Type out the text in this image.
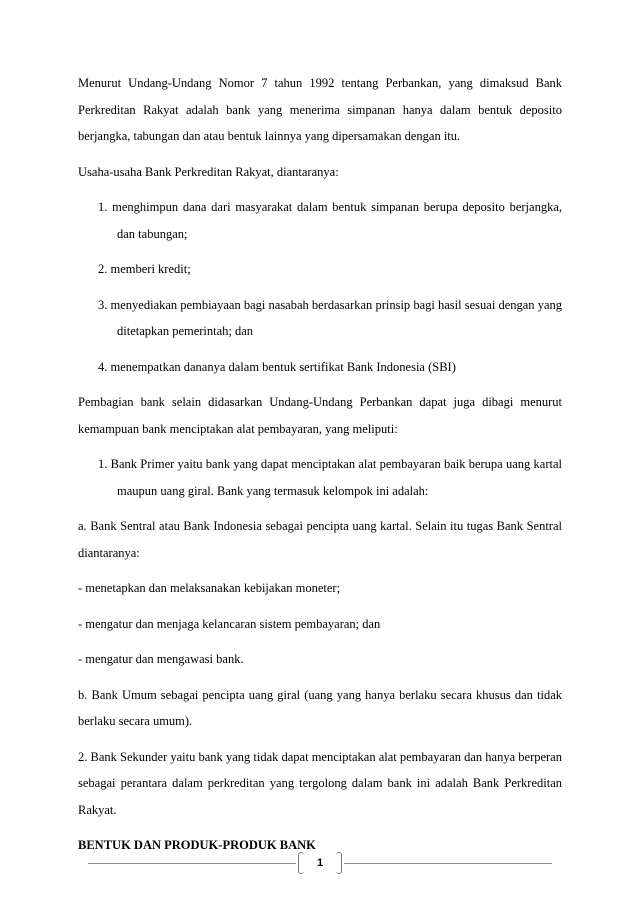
Menurut Undang-Undang Nomor 7 tahun 1992 tentang Perbankan, yang dimaksud Bank Perkreditan Rakyat adalah bank yang menerima simpanan hanya dalam bentuk deposito berjangka, tabungan dan atau bentuk lainnya yang dipersamakan dengan itu.

Usaha-usaha Bank Perkreditan Rakyat, diantaranya:

1. menghimpun dana dari masyarakat dalam bentuk simpanan berupa deposito berjangka, dan tabungan;

2. memberi kredit;

3. menyediakan pembiayaan bagi nasabah berdasarkan prinsip bagi hasil sesuai dengan yang ditetapkan pemerintah; dan

4. menempatkan dananya dalam bentuk sertifikat Bank Indonesia (SBI)

Pembagian bank selain didasarkan Undang-Undang Perbankan dapat juga dibagi menurut kemampuan bank menciptakan alat pembayaran, yang meliputi:

1. Bank Primer yaitu bank yang dapat menciptakan alat pembayaran baik berupa uang kartal maupun uang giral. Bank yang termasuk kelompok ini adalah:

a. Bank Sentral atau Bank Indonesia sebagai pencipta uang kartal. Selain itu tugas Bank Sentral diantaranya:

- menetapkan dan melaksanakan kebijakan moneter;

- mengatur dan menjaga kelancaran sistem pembayaran; dan

- mengatur dan mengawasi bank.

b. Bank Umum sebagai pencipta uang giral (uang yang hanya berlaku secara khusus dan tidak berlaku secara umum).

2. Bank Sekunder yaitu bank yang tidak dapat menciptakan alat pembayaran dan hanya berperan sebagai perantara dalam perkreditan yang tergolong dalam bank ini adalah Bank Perkreditan Rakyat.

BENTUK DAN PRODUK-PRODUK BANK

1
